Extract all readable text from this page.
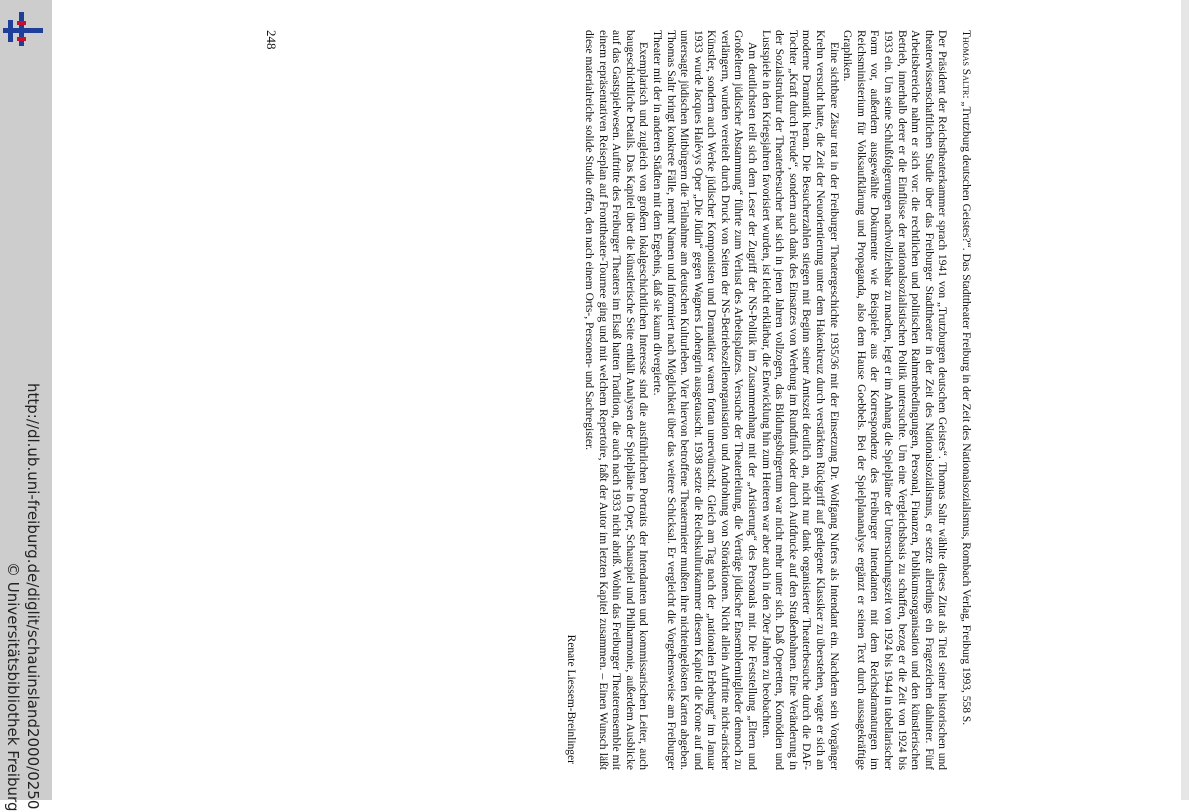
http://dl.ub.uni-freiburg.de/diglit/schauinsland2000/0250
© Universitätsbibliothek Freiburg

Thomas Saltr: „Trutzburg deutschen Geistes?“. Das Stadttheater Freiburg in der Zeit des Nationalsozialismus, Rombach Verlag, Freiburg 1993, 558 S.

Der Präsident der Reichstheaterkammer sprach 1941 von „Trutzburgen deutschen Geistes“. Thomas Saltr wählte dieses Zitat als Titel seiner historischen und theaterwissenschaftlichen Studie über das Freiburger Stadttheater in der Zeit des Nationalsozialismus, er setzte allerdings ein Fragezeichen dahinter. Fünf Arbeitsbereiche nahm er sich vor: die rechtlichen und politischen Rahmenbedingungen, Personal, Finanzen, Publikumsorganisation und den künstlerischen Betrieb, innerhalb derer er die Einflüsse der nationalsozialistischen Politik untersuchte. Um eine Vergleichsbasis zu schaffen, bezog er die Zeit von 1924 bis 1933 ein. Um seine Schlußfolgerungen nachvollziehbar zu machen, legt er im Anhang die Spielpläne der Untersuchungszeit von 1924 bis 1944 in tabellarischer Form vor, außerdem ausgewählte Dokumente wie Beispiele aus der Korrespondenz des Freiburger Intendanten mit dem Reichsdramaturgen im Reichsministerium für Volksaufklärung und Propaganda, also dem Hause Goebbels. Bei der Spielplananalyse ergänzt er seinen Text durch aussagekräftige Graphiken.

Eine sichtbare Zäsur trat in der Freiburger Theatergeschichte 1935/36 mit der Einsetzung Dr. Wolfgang Nufers als Intendant ein. Nachdem sein Vorgänger Krehn versucht hatte, die Zeit der Neuorientierung unter dem Hakenkreuz durch verstärkten Rückgriff auf gediegene Klassiker zu überstehen, wagte er sich an moderne Dramatik heran. Die Besucherzahlen stiegen mit Beginn seiner Amtszeit deutlich an, nicht nur dank organisierter Theaterbesuche durch die DAF-Tochter „Kraft durch Freude“, sondern auch dank des Einsatzes von Werbung im Rundfunk oder durch Aufdrucke auf den Straßenbahnen. Eine Veränderung in der Sozialstruktur der Theaterbesucher hat sich in jenen Jahren vollzogen, das Bildungsbürgertum war nicht mehr unter sich. Daß Operetten, Komödien und Lustspiele in den Kriegsjahren favorisiert wurden, ist leicht erklärbar, die Entwicklung hin zum Heiteren war aber auch in den 20er Jahren zu beobachten.

Am deutlichsten teilt sich dem Leser der Zugriff der NS-Politik im Zusammenhang mit der „Arisierung“ des Personals mit. Die Feststellung „Eltern und Großeltern jüdischer Abstammung“ führte zum Verlust des Arbeitsplatzes. Versuche der Theaterleitung, die Verträge jüdischer Ensemblemitglieder dennoch zu verlängern, wurden vereitelt durch Druck von Seiten der NS-Betriebszellenorganisation und Androhung von Störaktionen. Nicht allein Auftritte nicht-arischer Künstler, sondern auch Werke jüdischer Komponisten und Dramatiker waren fortan unerwünscht. Gleich am Tag nach der „nationalen Erhebung“ im Januar 1933 wurde Jacques Halévys Oper „Die Jüdin“ gegen Wagners Lohengrin ausgetauscht. 1938 setzte die Reichskulturkammer diesem Kapitel die Krone auf und untersagte jüdischen Mitbürgern die Teilnahme am deutschen Kulturleben. Vier hiervon betroffene Theatermieter mußten ihre nichteingelösten Karten abgeben. Thomas Saltr bringt konkrete Fälle, nennt Namen und informiert nach Möglichkeit über das weitere Schicksal. Er vergleicht die Vorgehensweise am Freiburger Theater mit der in anderen Städten mit dem Ergebnis, daß sie kaum divergierte.

Exemplarisch und zugleich von großem lokalgeschichtlichen Interesse sind die ausführlichen Portraits der Intendanten und kommissarischen Leiter, auch baugeschichtliche Details. Das Kapitel über die künstlerische Seite enthält Analysen der Spielpläne in Oper, Schauspiel und Philharmonie, außerdem Ausblicke auf das Gastspielwesen. Auftritte des Freiburger Theaters im Elsaß hatten Tradition, die auch nach 1933 nicht abriß. Wohin das Freiburger Theaterensemble mit einem repräsentativen Reiseplan auf Fronttheater-Tournee ging und mit welchem Repertoire, faßt der Autor im letzten Kapitel zusammen. – Einen Wunsch läßt diese materialreiche solide Studie offen, den nach einem Orts-, Personen- und Sachregister.

Renate Liessem-Breinlinger
248
